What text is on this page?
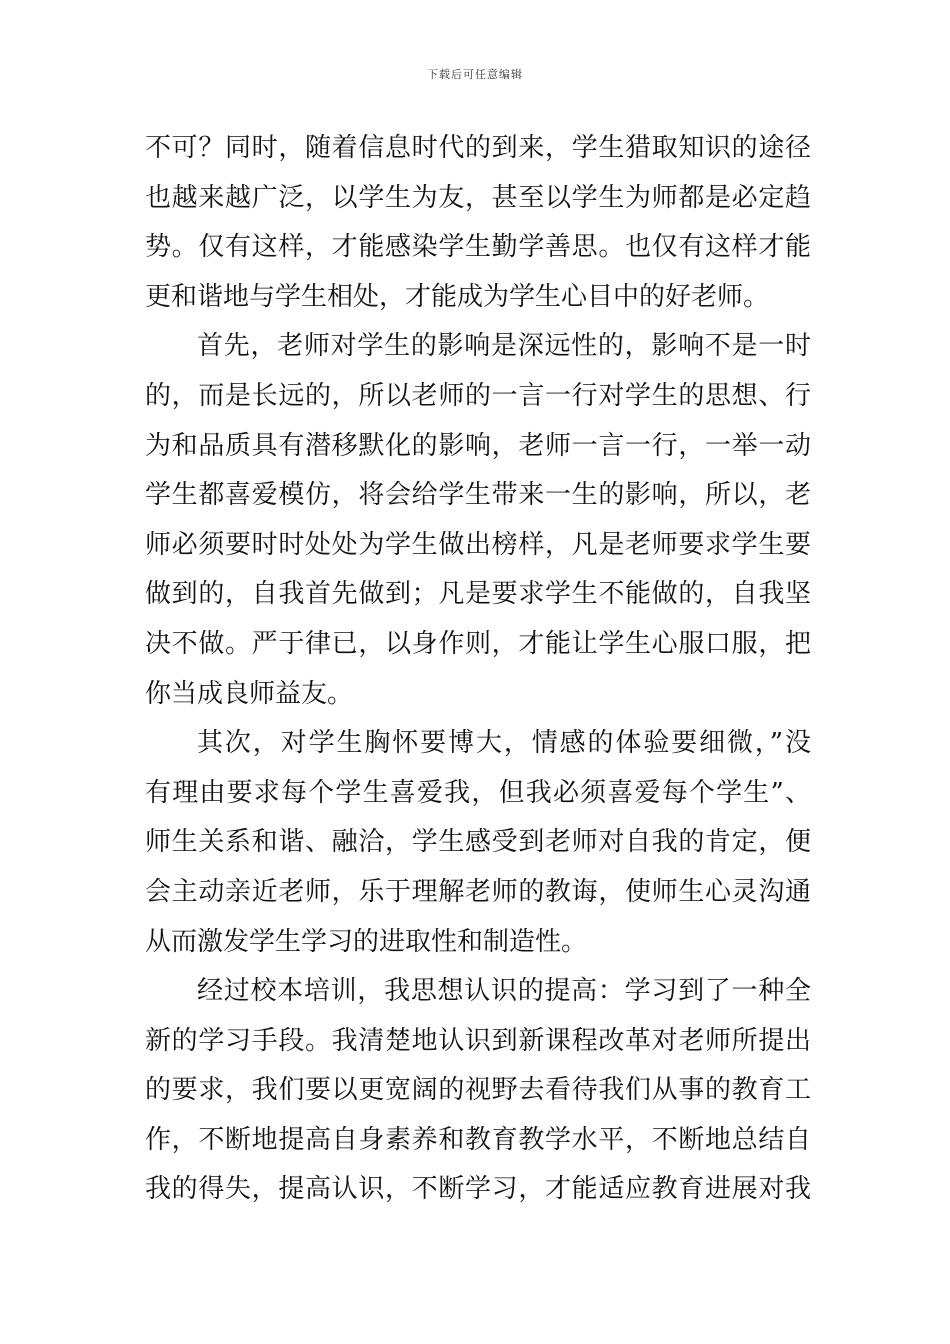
下载后可任意编辑
不可？同时，随着信息时代的到来，学生猎取知识的途径
也越来越广泛，以学生为友，甚至以学生为师都是必定趋
势。仅有这样，才能感染学生勤学善思。也仅有这样才能
更和谐地与学生相处，才能成为学生心目中的好老师。
首先，老师对学生的影响是深远性的，影响不是一时
的，而是长远的，所以老师的一言一行对学生的思想、行
为和品质具有潜移默化的影响，老师一言一行，一举一动
学生都喜爱模仿，将会给学生带来一生的影响，所以，老
师必须要时时处处为学生做出榜样，凡是老师要求学生要
做到的，自我首先做到；凡是要求学生不能做的，自我坚
决不做。严于律已，以身作则，才能让学生心服口服，把
你当成良师益友。
其次，对学生胸怀要博大，情感的体验要细微，”没
有理由要求每个学生喜爱我，但我必须喜爱每个学生”、
师生关系和谐、融洽，学生感受到老师对自我的肯定，便
会主动亲近老师，乐于理解老师的教诲，使师生心灵沟通
从而激发学生学习的进取性和制造性。
经过校本培训，我思想认识的提高：学习到了一种全
新的学习手段。我清楚地认识到新课程改革对老师所提出
的要求，我们要以更宽阔的视野去看待我们从事的教育工
作，不断地提高自身素养和教育教学水平，不断地总结自
我的得失，提高认识，不断学习，才能适应教育进展对我
